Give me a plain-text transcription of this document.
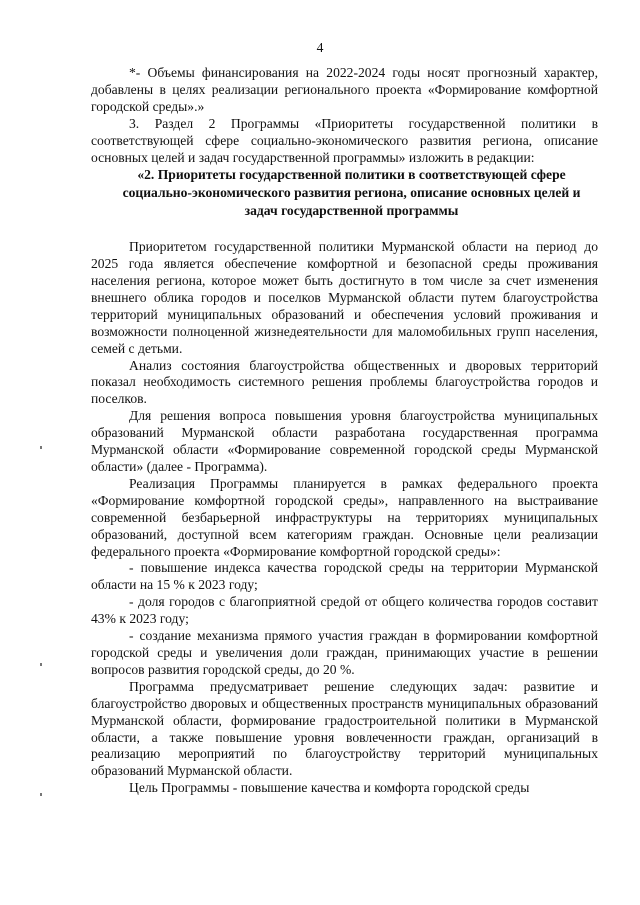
4

*- Объемы финансирования на 2022-2024 годы носят прогнозный характер, добавлены в целях реализации регионального проекта «Формирование комфортной городской среды».»

3. Раздел 2 Программы «Приоритеты государственной политики в соответствующей сфере социально-экономического развития региона, описание основных целей и задач государственной программы» изложить в редакции:

«2. Приоритеты государственной политики в соответствующей сфере социально-экономического развития региона, описание основных целей и задач государственной программы

Приоритетом государственной политики Мурманской области на период до 2025 года является обеспечение комфортной и безопасной среды проживания населения региона, которое может быть достигнуто в том числе за счет изменения внешнего облика городов и поселков Мурманской области путем благоустройства территорий муниципальных образований и обеспечения условий проживания и возможности полноценной жизнедеятельности для маломобильных групп населения, семей с детьми.

Анализ состояния благоустройства общественных и дворовых территорий показал необходимость системного решения проблемы благоустройства городов и поселков.

Для решения вопроса повышения уровня благоустройства муниципальных образований Мурманской области разработана государственная программа Мурманской области «Формирование современной городской среды Мурманской области» (далее - Программа).

Реализация Программы планируется в рамках федерального проекта «Формирование комфортной городской среды», направленного на выстраивание современной безбарьерной инфраструктуры на территориях муниципальных образований, доступной всем категориям граждан. Основные цели реализации федерального проекта «Формирование комфортной городской среды»:

- повышение индекса качества городской среды на территории Мурманской области на 15 % к 2023 году;

- доля городов с благоприятной средой от общего количества городов составит 43% к 2023 году;

- создание механизма прямого участия граждан в формировании комфортной городской среды и увеличения доли граждан, принимающих участие в решении вопросов развития городской среды, до 20 %.

Программа предусматривает решение следующих задач: развитие и благоустройство дворовых и общественных пространств муниципальных образований Мурманской области, формирование градостроительной политики в Мурманской области, а также повышение уровня вовлеченности граждан, организаций в реализацию мероприятий по благоустройству территорий муниципальных образований Мурманской области.

Цель Программы - повышение качества и комфорта городской среды
